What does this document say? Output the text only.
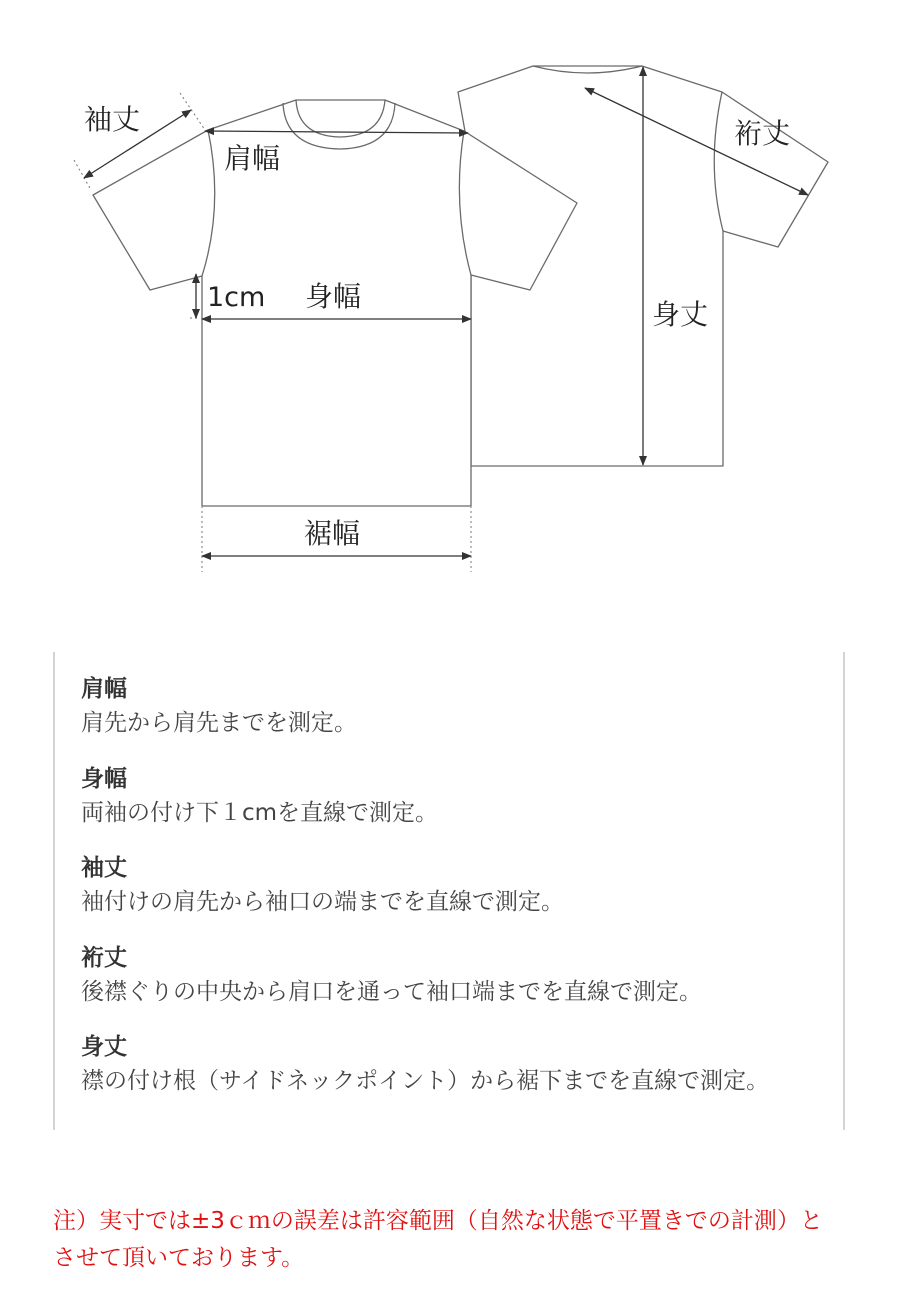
袖丈
肩幅
1cm 身幅
裾幅
裄丈
身丈
肩幅
肩先から肩先までを測定。
身幅
両袖の付け下１cmを直線で測定。
袖丈
袖付けの肩先から袖口の端までを直線で測定。
裄丈
後襟ぐりの中央から肩口を通って袖口端までを直線で測定。
身丈
襟の付け根（サイドネックポイント）から裾下までを直線で測定。
注）実寸では±3ｃｍの誤差は許容範囲（自然な状態で平置きでの計測）とさせて頂いております。
